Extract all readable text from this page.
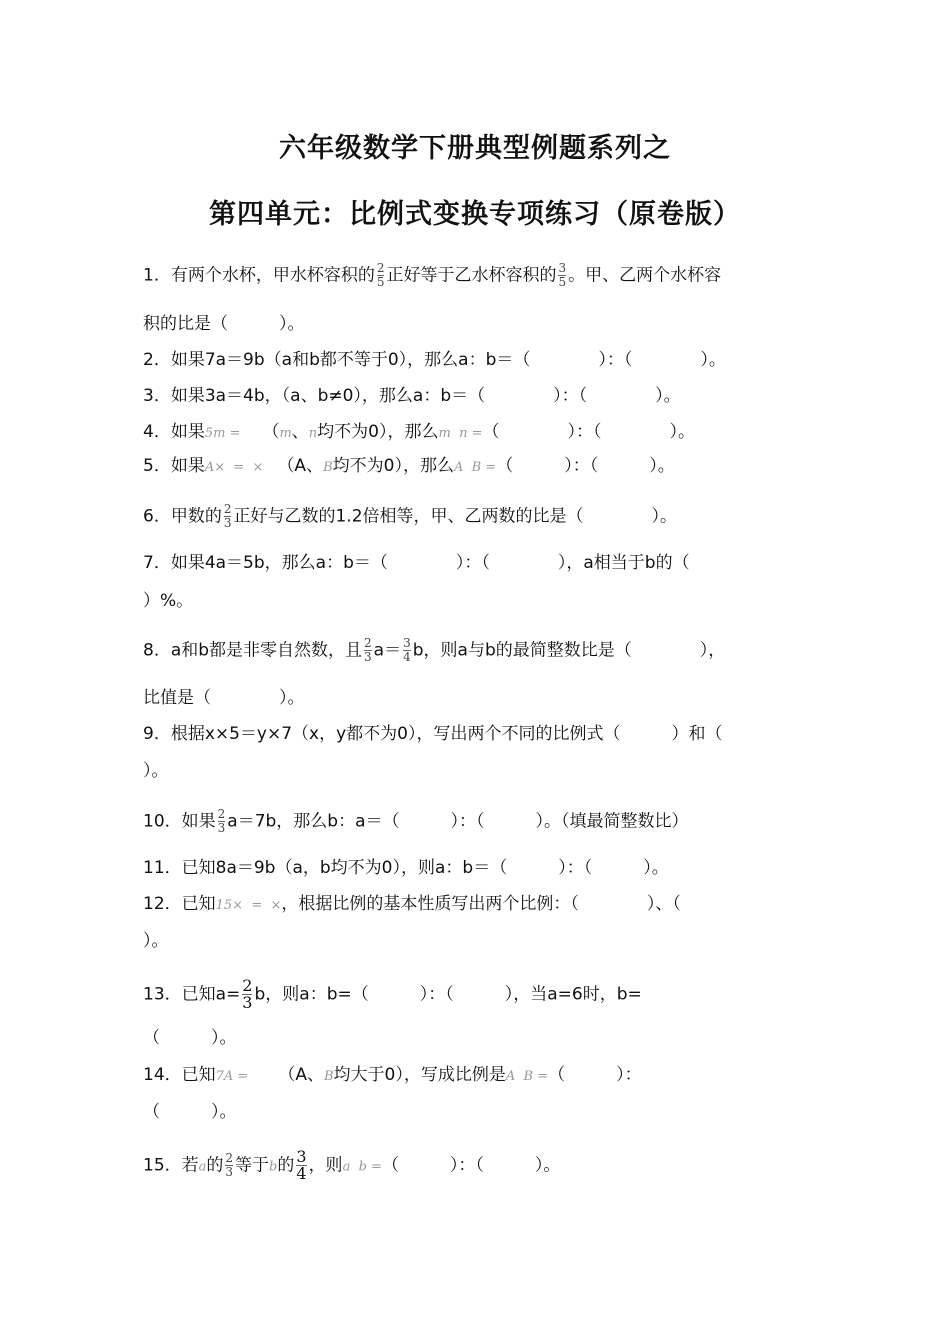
六年级数学下册典型例题系列之
第四单元：比例式变换专项练习（原卷版）
1．有两个水杯，甲水杯容积的 $\frac{2}{5}$ 正好等于乙水杯容积的 $\frac{3}{5}$ 。甲、乙两个水杯容
积的比是（　　　）。
2．如果7a＝9b（a和b都不等于0），那么a：b＝（　　　　）：（　　　　）。
3．如果3a＝4b，（a、b≠0），那么a：b＝（　　　　）：（　　　　）。
4．如果5m = （m、n均不为0），那么m  n =（　　　　）：（　　　　）。
5．如果A×  =  × （A、B均不为0），那么A  B =（　　　）：（　　　）。
6．甲数的 $\frac{2}{3}$ 正好与乙数的1.2倍相等，甲、乙两数的比是（　　　　）。
7．如果4a＝5b，那么a：b＝（　　　　）：（　　　　），a相当于b的（
）%。
8．a和b都是非零自然数，且 $\frac{2}{3} a= \frac{3}{4}$ b，则a与b的最简整数比是（　　　　），
比值是（　　　　）。
9．根据x×5＝y×7（x，y都不为0），写出两个不同的比例式（　　　）和（
）。
10．如果 $\frac{2}{3} a=7b$，那么b：a＝（　　　）：（　　　）。（填最简整数比）
11．已知8a＝9b（a，b均不为0），则a：b＝（　　　）：（　　　）。
12．已知15×  =  ×，根据比例的基本性质写出两个比例：（　　　　）、（
）。
13．已知$a= \frac{2}{3}$ b，则a：b=（　　　）：（　　　），当a=6时，b=
（　　　）。
14．已知7A = （A、B均大于0），写成比例是A  B =（　　　）：
（　　　）。
15．若a的 $\frac{2}{3}$ 等于b的 $\frac{3}{4}$ ，则a  b =（　　　）：（　　　）。
